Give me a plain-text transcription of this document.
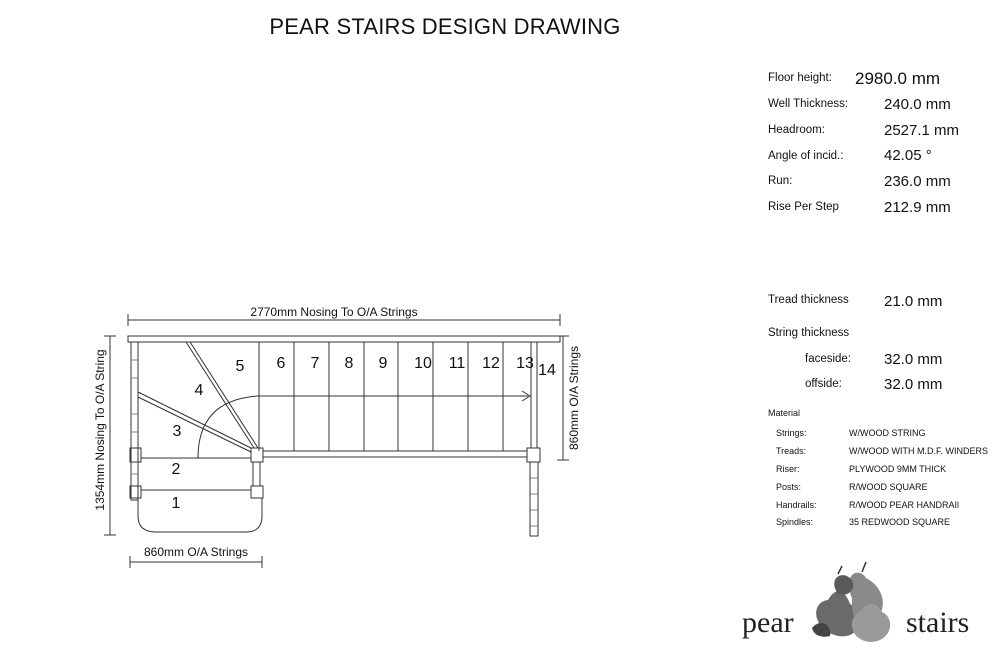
PEAR STAIRS DESIGN DRAWING
Floor height: 2980.0 mm
Well Thickness: 240.0 mm
Headroom:	2527.1 mm
Angle of incid.:	42.05 °
Run:	236.0 mm
Rise Per Step	212.9 mm
Tread thickness 21.0 mm
String thickness
faceside: 32.0 mm
offside:	32.0 mm
Material
Strings:	W/WOOD STRING
Treads:	W/WOOD WITH M.D.F. WINDERS
Riser:	PLYWOOD 9MM THICK
Posts:	R/WOOD SQUARE
Handrails:	R/WOOD PEAR HANDRAIl
Spindles:	35 REDWOOD SQUARE
2770mm Nosing To O/A Strings
1354mm Nosing To O/A String	860mm O/A Strings
860mm O/A Strings
1
2
3
4
5 6 7 8 9 10 11 12 13 14
pear	stairs
